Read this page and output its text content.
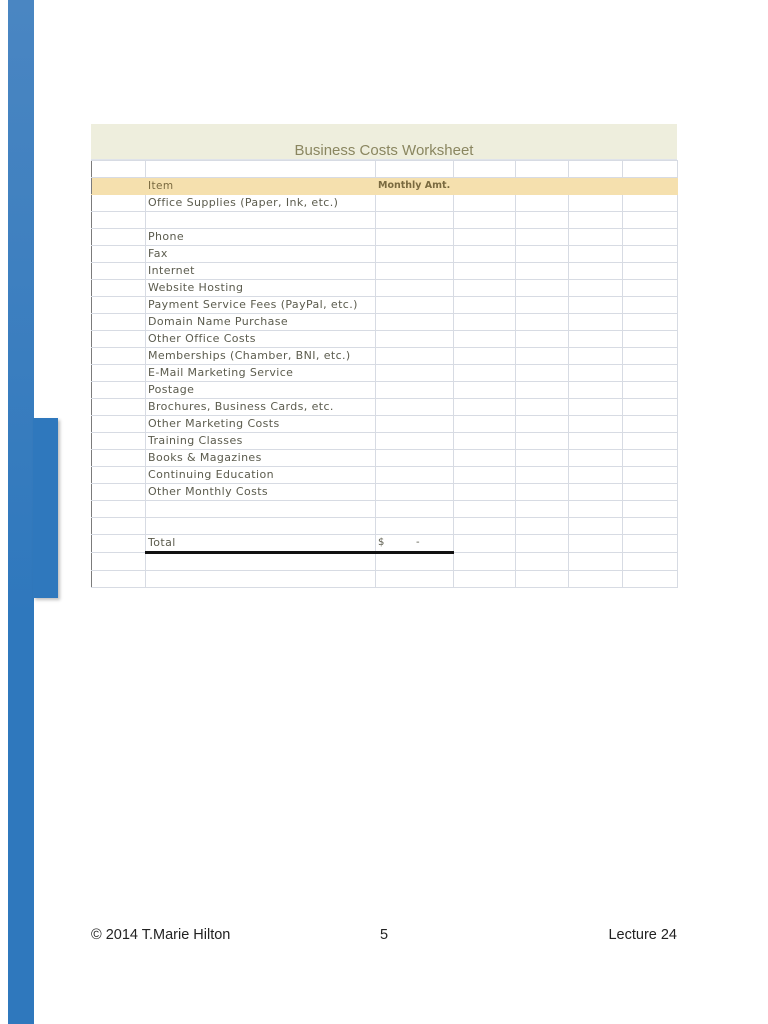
Business Costs Worksheet

	Item	Monthly Amt.				
	Office Supplies (Paper, Ink, etc.)					

	Phone					
	Fax					
	Internet					
	Website Hosting					
	Payment Service Fees (PayPal, etc.)					
	Domain Name Purchase					
	Other Office Costs					
	Memberships (Chamber, BNI, etc.)					
	E-Mail Marketing Service					
	Postage					
	Brochures, Business Cards, etc.					
	Other Marketing Costs					
	Training Classes					
	Books & Magazines					
	Continuing Education					
	Other Monthly Costs					

	Total	$ -				

© 2014 T.Marie Hilton	5	Lecture 24
